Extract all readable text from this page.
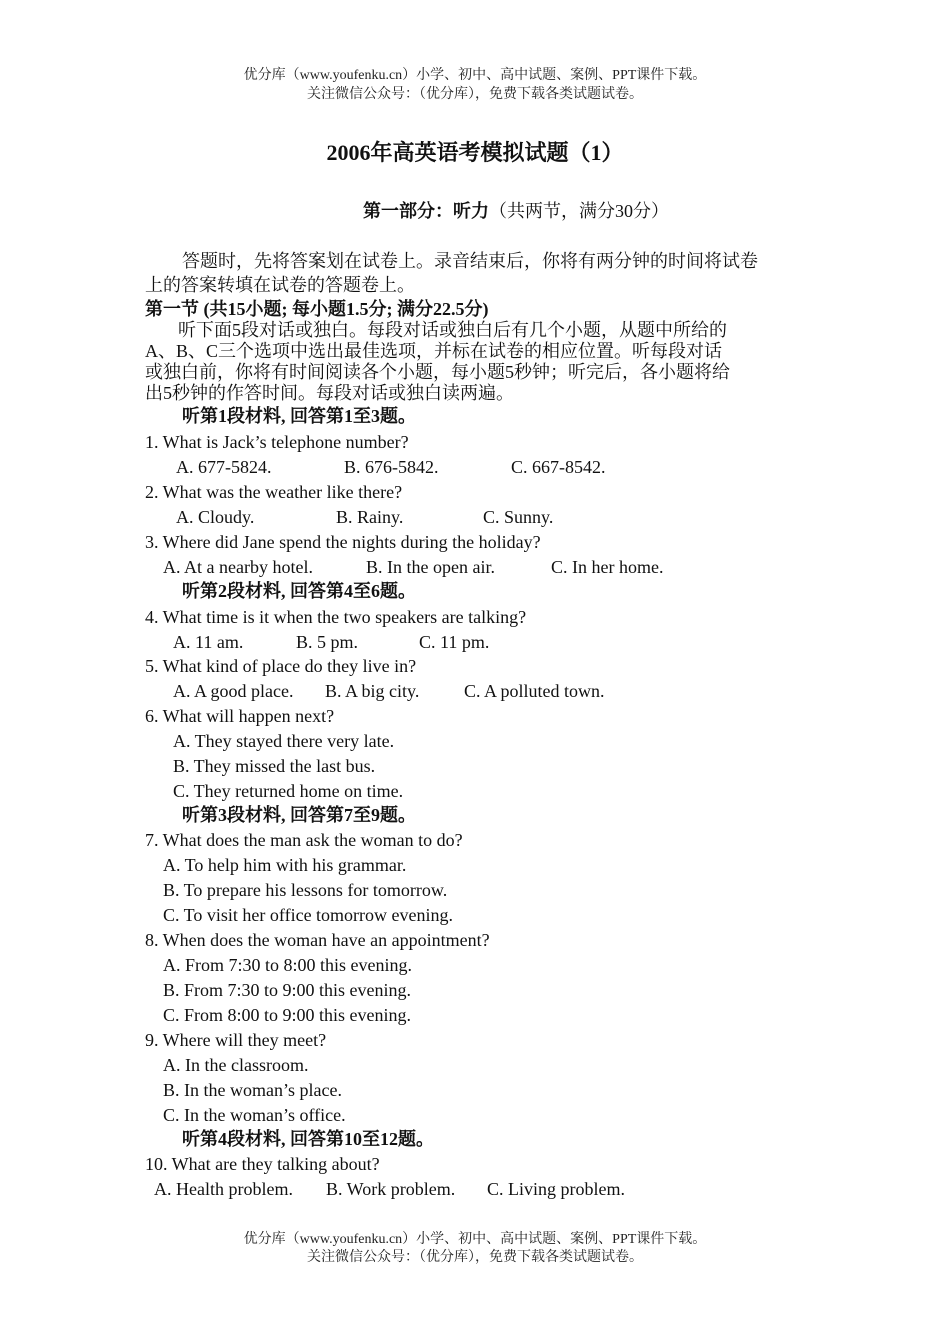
优分库（www.youfenku.cn）小学、初中、高中试题、案例、PPT课件下载。
关注微信公众号：（优分库），免费下载各类试题试卷。
2006年高英语考模拟试题（1）
第一部分：听力（共两节，满分30分）
答题时，先将答案划在试卷上。录音结束后，你将有两分钟的时间将试卷
上的答案转填在试卷的答题卷上。
第一节 (共15小题; 每小题1.5分; 满分22.5分)
听下面5段对话或独白。每段对话或独白后有几个小题，从题中所给的
A、B、C三个选项中选出最佳选项，并标在试卷的相应位置。听每段对话
或独白前，你将有时间阅读各个小题，每小题5秒钟；听完后，各小题将给
出5秒钟的作答时间。每段对话或独白读两遍。
听第1段材料, 回答第1至3题。
1. What is Jack’s telephone number?
A. 677-5824.	B. 676-5842.	C. 667-8542.
2. What was the weather like there?
A. Cloudy.	B. Rainy.	C. Sunny.
3. Where did Jane spend the nights during the holiday?
A. At a nearby hotel.	B. In the open air.	C. In her home.
听第2段材料, 回答第4至6题。
4. What time is it when the two speakers are talking?
A. 11 am.	B. 5 pm.	C. 11 pm.
5. What kind of place do they live in?
A. A good place. B. A big city. C. A polluted town.
6. What will happen next?
A. They stayed there very late.
B. They missed the last bus.
C. They returned home on time.
听第3段材料, 回答第7至9题。
7. What does the man ask the woman to do?
A. To help him with his grammar.
B. To prepare his lessons for tomorrow.
C. To visit her office tomorrow evening.
8. When does the woman have an appointment?
A. From 7:30 to 8:00 this evening.
B. From 7:30 to 9:00 this evening.
C. From 8:00 to 9:00 this evening.
9. Where will they meet?
A. In the classroom.
B. In the woman’s place.
C. In the woman’s office.
听第4段材料, 回答第10至12题。
10. What are they talking about?
A. Health problem. B. Work problem. C. Living problem.
优分库（www.youfenku.cn）小学、初中、高中试题、案例、PPT课件下载。
关注微信公众号：（优分库），免费下载各类试题试卷。
